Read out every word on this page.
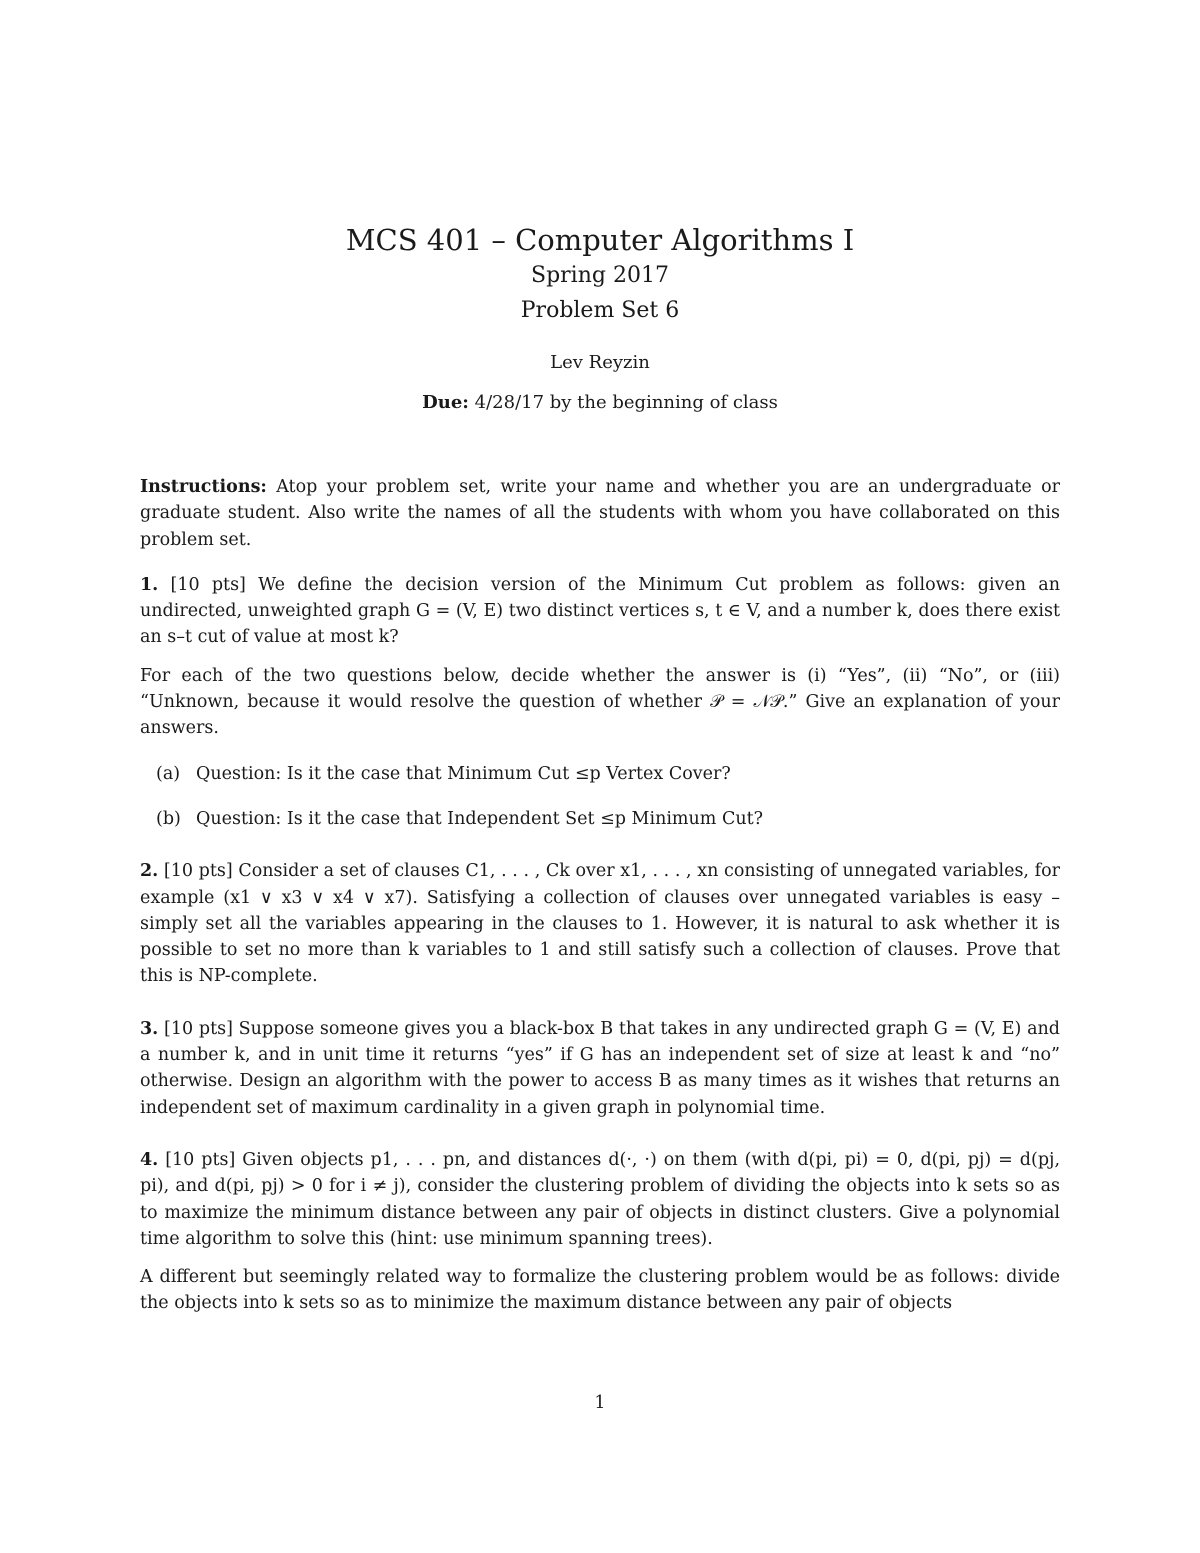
MCS 401 – Computer Algorithms I

Spring 2017

Problem Set 6

Lev Reyzin
Due: 4/28/17 by the beginning of class

Instructions: Atop your problem set, write your name and whether you are an undergraduate or graduate student. Also write the names of all the students with whom you have collaborated on this problem set.

1. [10 pts] We define the decision version of the Minimum Cut problem as follows: given an undirected, unweighted graph G = (V, E) two distinct vertices s, t ∈ V, and a number k, does there exist an s–t cut of value at most k?

For each of the two questions below, decide whether the answer is (i) “Yes”, (ii) “No”, or (iii) “Unknown, because it would resolve the question of whether 𝒫 = 𝒩𝒫.” Give an explanation of your answers.

(a) Question: Is it the case that Minimum Cut ≤p Vertex Cover?
(b) Question: Is it the case that Independent Set ≤p Minimum Cut?

2. [10 pts] Consider a set of clauses C1, . . . , Ck over x1, . . . , xn consisting of unnegated variables, for example (x1 ∨ x3 ∨ x4 ∨ x7). Satisfying a collection of clauses over unnegated variables is easy – simply set all the variables appearing in the clauses to 1. However, it is natural to ask whether it is possible to set no more than k variables to 1 and still satisfy such a collection of clauses. Prove that this is NP-complete.

3. [10 pts] Suppose someone gives you a black-box B that takes in any undirected graph G = (V, E) and a number k, and in unit time it returns “yes” if G has an independent set of size at least k and “no” otherwise. Design an algorithm with the power to access B as many times as it wishes that returns an independent set of maximum cardinality in a given graph in polynomial time.

4. [10 pts] Given objects p1, . . . pn, and distances d(·, ·) on them (with d(pi, pi) = 0, d(pi, pj) = d(pj, pi), and d(pi, pj) > 0 for i ≠ j), consider the clustering problem of dividing the objects into k sets so as to maximize the minimum distance between any pair of objects in distinct clusters. Give a polynomial time algorithm to solve this (hint: use minimum spanning trees).

A different but seemingly related way to formalize the clustering problem would be as follows: divide the objects into k sets so as to minimize the maximum distance between any pair of objects

1
